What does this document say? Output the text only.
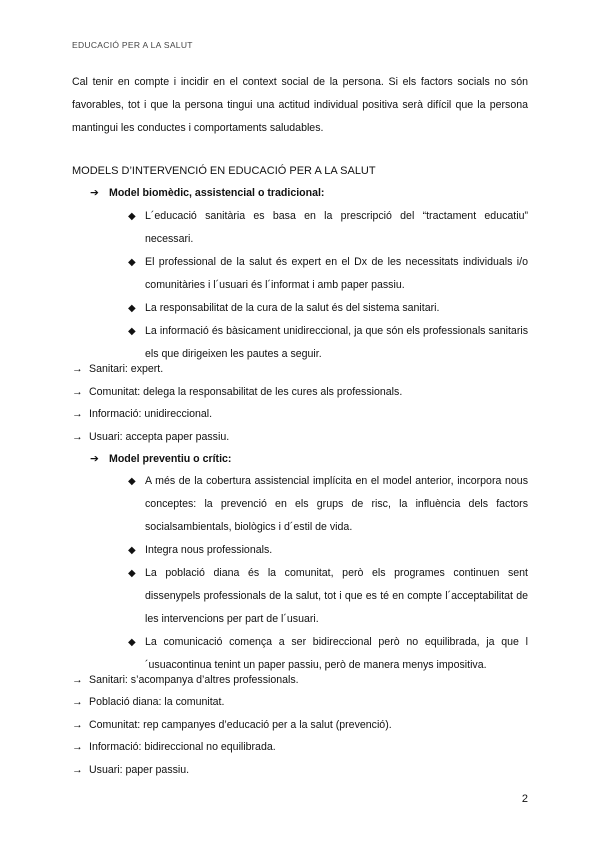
EDUCACIÓ PER A LA SALUT

Cal tenir en compte i incidir en el context social de la persona. Si els factors socials no són favorables, tot i que la persona tingui una actitud individual positiva serà difícil que la persona mantingui les conductes i comportaments saludables.

MODELS D’INTERVENCIÓ EN EDUCACIÓ PER A LA SALUT
➔ Model biomèdic, assistencial o tradicional:
◆ L´educació sanitària es basa en la prescripció del “tractament educatiu” necessari.
◆ El professional de la salut és expert en el Dx de les necessitats individuals i/o comunitàries i l´usuari és l´informat i amb paper passiu.
◆ La responsabilitat de la cura de la salut és del sistema sanitari.
◆ La informació és bàsicament unidireccional, ja que són els professionals sanitaris els que dirigeixen les pautes a seguir.
→ Sanitari: expert.
→ Comunitat: delega la responsabilitat de les cures als professionals.
→ Informació: unidireccional.
→ Usuari: accepta paper passiu.
➔ Model preventiu o crític:
◆ A més de la cobertura assistencial implícita en el model anterior, incorpora nous conceptes: la prevenció en els grups de risc, la influència dels factors socialsambientals, biològics i d´estil de vida.
◆ Integra nous professionals.
◆ La població diana és la comunitat, però els programes continuen sent dissenypels professionals de la salut, tot i que es té en compte l´acceptabilitat de les intervencions per part de l´usuari.
◆ La comunicació comença a ser bidireccional però no equilibrada, ja que l´usuacontinua tenint un paper passiu, però de manera menys impositiva.
→ Sanitari: s’acompanya d’altres professionals.
→ Població diana: la comunitat.
→ Comunitat: rep campanyes d’educació per a la salut (prevenció).
→ Informació: bidireccional no equilibrada.
→ Usuari: paper passiu.
2
